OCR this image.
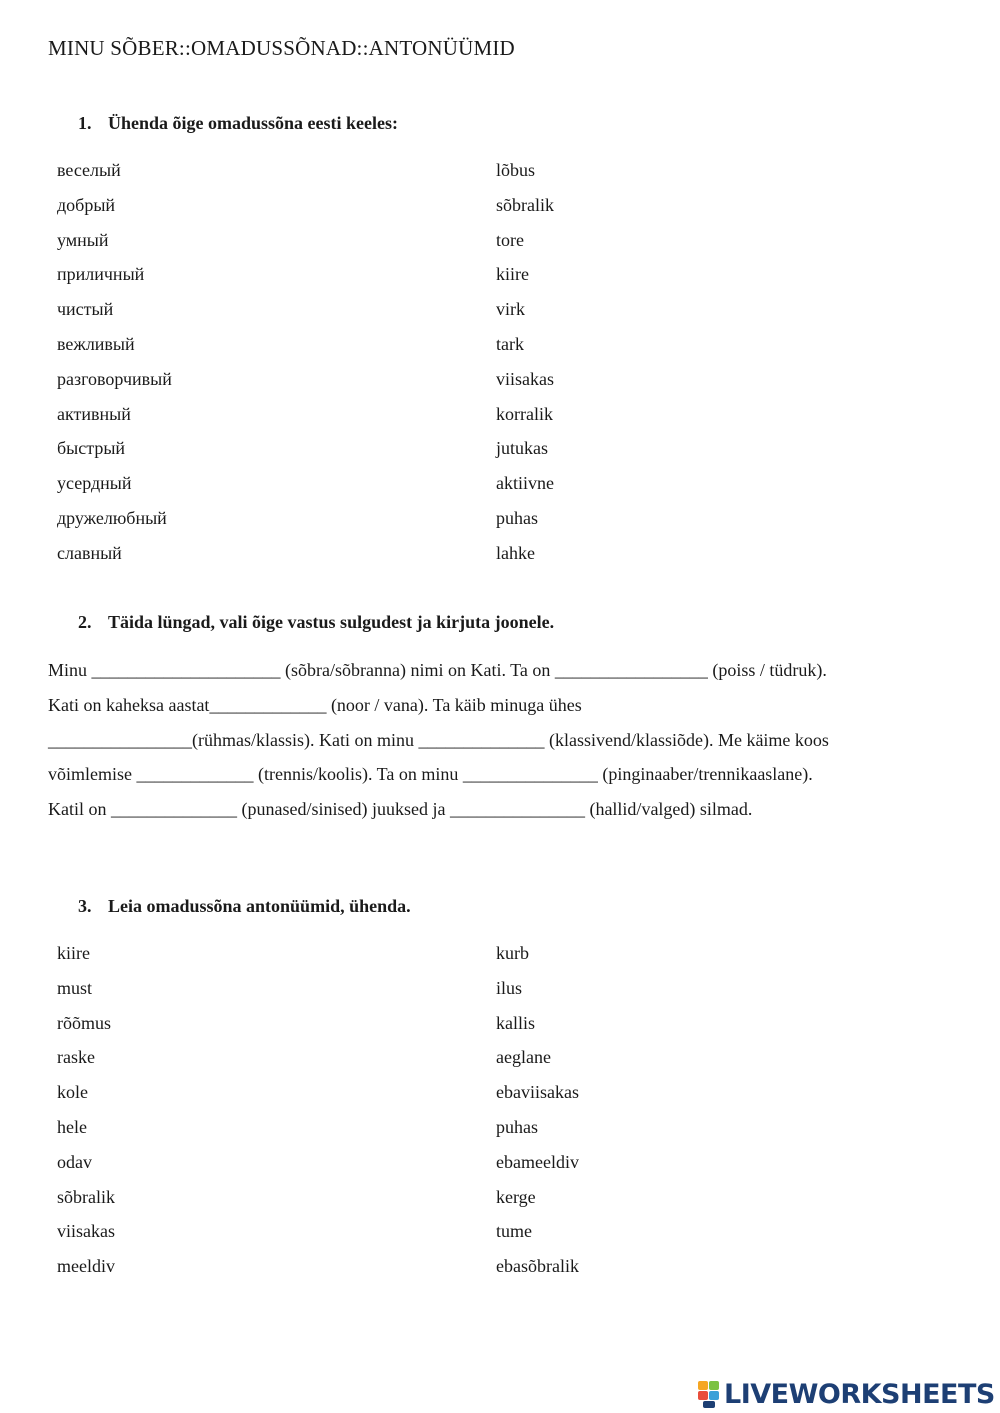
MINU SÕBER::OMADUSSÕNAD::ANTONÜÜMID
1. Ühenda õige omadussõna eesti keeles:
веселый
добрый
умный
приличный
чистый
вежливый
разговорчивый
активный
быстрый
усердный
дружелюбный
славный
lõbus
sõbralik
tore
kiire
virk
tark
viisakas
korralik
jutukas
aktiivne
puhas
lahke
2. Täida lüngad, vali õige vastus sulgudest ja kirjuta joonele.
Minu _____________________ (sõbra/sõbranna) nimi on Kati. Ta on _________________ (poiss / tüdruk).
Kati on kaheksa aastat_____________ (noor / vana). Ta käib minuga ühes
________________(rühmas/klassis). Kati on minu ______________ (klassivend/klassiõde). Me käime koos
võimlemise _____________ (trennis/koolis). Ta on minu _______________ (pinginaaber/trennikaaslane).
Katil on ______________ (punased/sinised) juuksed ja _______________ (hallid/valged) silmad.
3. Leia omadussõna antonüümid, ühenda.
kiire
must
rõõmus
raske
kole
hele
odav
sõbralik
viisakas
meeldiv
kurb
ilus
kallis
aeglane
ebaviisakas
puhas
ebameeldiv
kerge
tume
ebasõbralik
LIVEWORKSHEETS
